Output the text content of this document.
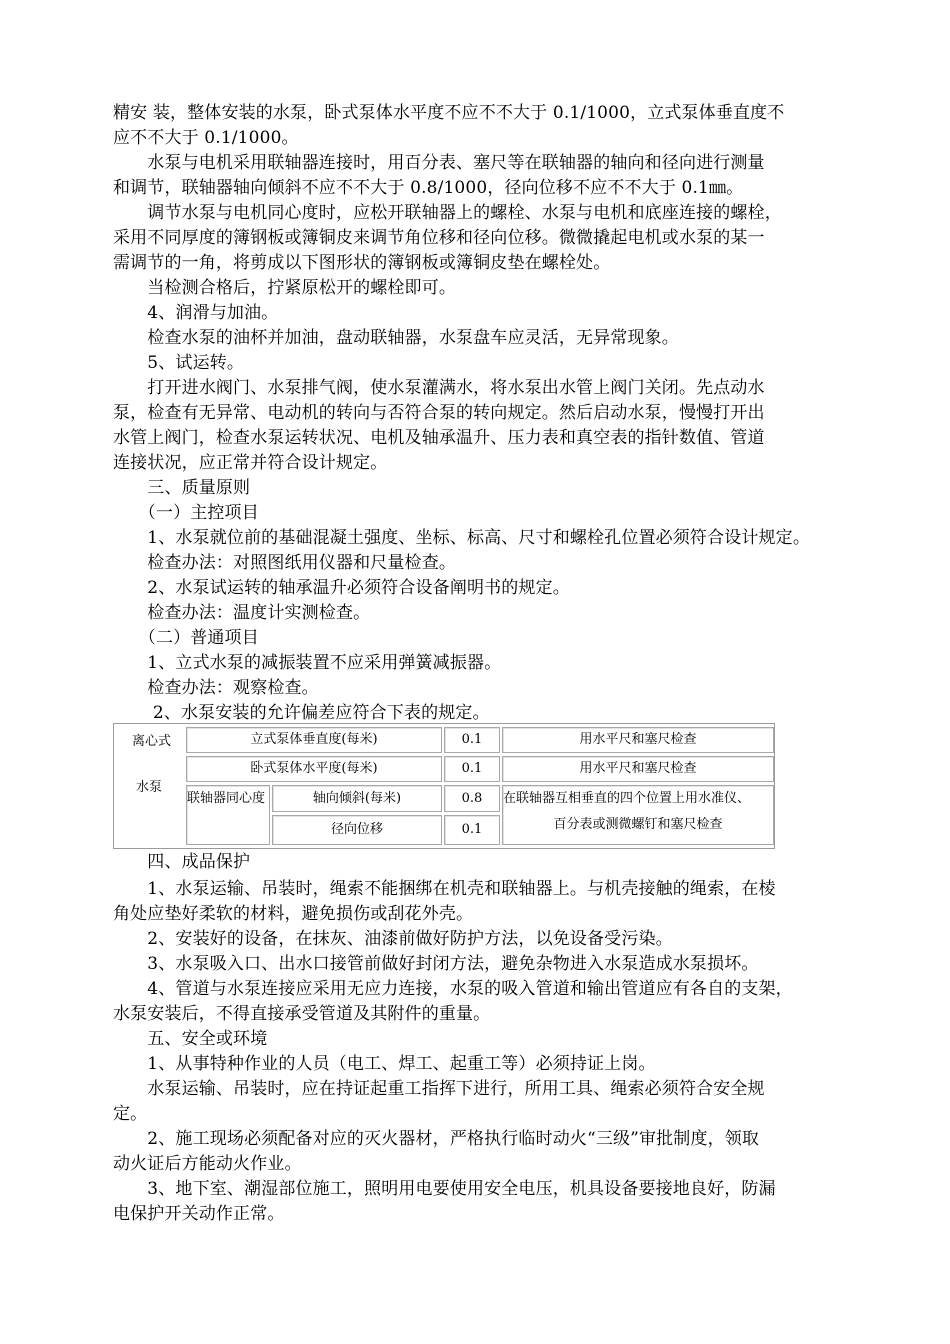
精安 装，整体安装的水泵，卧式泵体水平度不应不不大于 0.1/1000，立式泵体垂直度不
应不不大于 0.1/1000。
　　水泵与电机采用联轴器连接时，用百分表、塞尺等在联轴器的轴向和径向进行测量
和调节，联轴器轴向倾斜不应不不大于 0.8/1000，径向位移不应不不大于 0.1㎜。
　　调节水泵与电机同心度时，应松开联轴器上的螺栓、水泵与电机和底座连接的螺栓，
采用不同厚度的簿钢板或簿铜皮来调节角位移和径向位移。微微撬起电机或水泵的某一
需调节的一角，将剪成以下图形状的簿钢板或簿铜皮垫在螺栓处。
　　当检测合格后，拧紧原松开的螺栓即可。
　　4、润滑与加油。
　　检查水泵的油杯并加油，盘动联轴器，水泵盘车应灵活，无异常现象。
　　5、试运转。
　　打开进水阀门、水泵排气阀，使水泵灌满水，将水泵出水管上阀门关闭。先点动水
泵，检查有无异常、电动机的转向与否符合泵的转向规定。然后启动水泵，慢慢打开出
水管上阀门，检查水泵运转状况、电机及轴承温升、压力表和真空表的指针数值、管道
连接状况，应正常并符合设计规定。
　　三、质量原则
　　（一）主控项目
　　1、水泵就位前的基础混凝土强度、坐标、标高、尺寸和螺栓孔位置必须符合设计规定。
　　检查办法：对照图纸用仪器和尺量检查。
　　2、水泵试运转的轴承温升必须符合设备阐明书的规定。
　　检查办法：温度计实测检查。
　　（二）普通项目
　　1、立式水泵的减振装置不应采用弹簧减振器。
　　检查办法：观察检查。
　　 2、水泵安装的允许偏差应符合下表的规定。
离心式
水泵
立式泵体垂直度(每米)	0.1	用水平尺和塞尺检查
卧式泵体水平度(每米)	0.1	用水平尺和塞尺检查
联轴器同心度	轴向倾斜(每米)	0.8	在联轴器互相垂直的四个位置上用水准仪、
百分表或测微螺钉和塞尺检查
径向位移	0.1
　　四、成品保护
　　1、水泵运输、吊装时，绳索不能捆绑在机壳和联轴器上。与机壳接触的绳索，在棱
角处应垫好柔软的材料，避免损伤或刮花外壳。
　　2、安装好的设备，在抹灰、油漆前做好防护方法，以免设备受污染。
　　3、水泵吸入口、出水口接管前做好封闭方法，避免杂物进入水泵造成水泵损坏。
　　4、管道与水泵连接应采用无应力连接，水泵的吸入管道和输出管道应有各自的支架，
水泵安装后，不得直接承受管道及其附件的重量。
　　五、安全或环境
　　1、从事特种作业的人员（电工、焊工、起重工等）必须持证上岗。
　　水泵运输、吊装时，应在持证起重工指挥下进行，所用工具、绳索必须符合安全规
定。
　　2、施工现场必须配备对应的灭火器材，严格执行临时动火“三级”审批制度，领取
动火证后方能动火作业。
　　3、地下室、潮湿部位施工，照明用电要使用安全电压，机具设备要接地良好，防漏
电保护开关动作正常。
